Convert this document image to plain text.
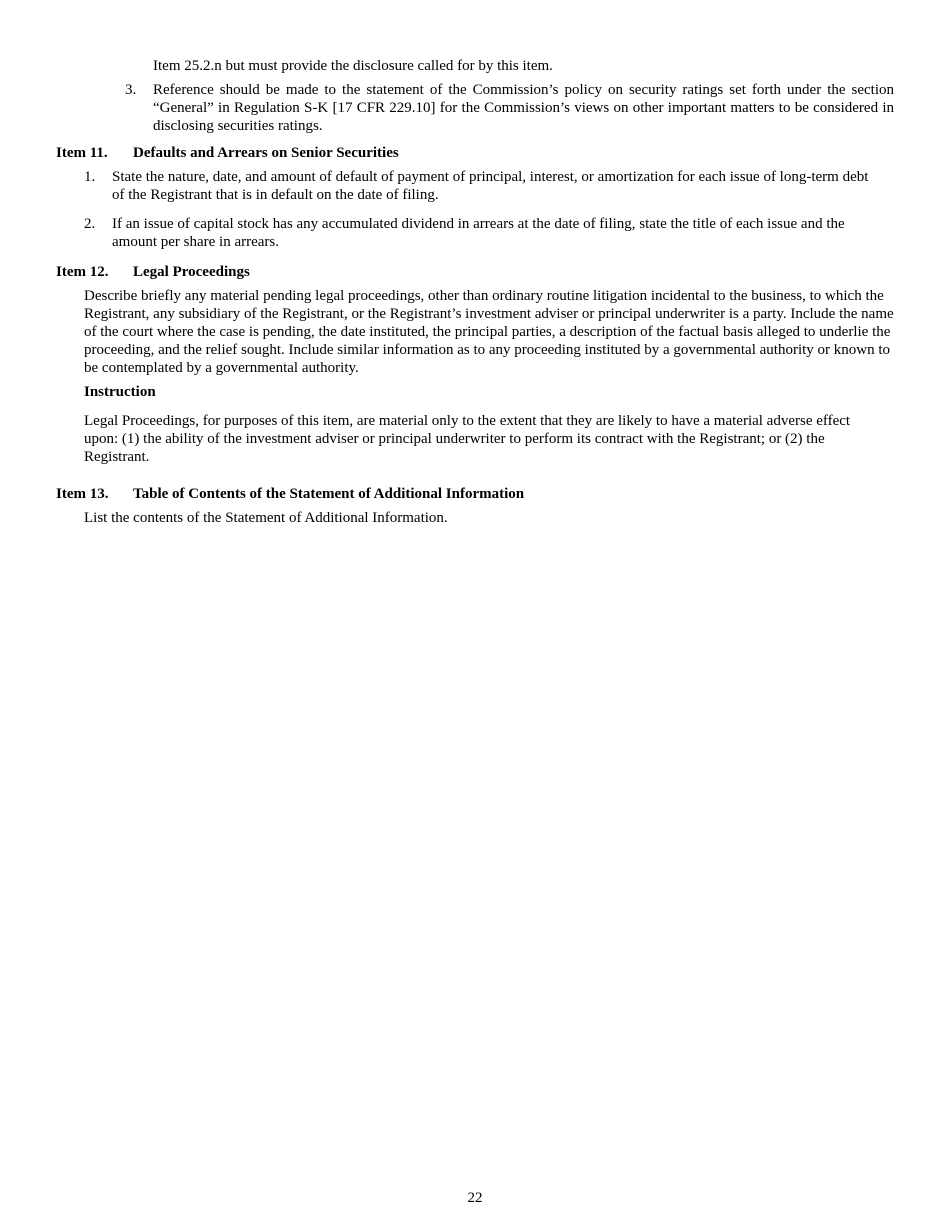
Item 25.2.n but must provide the disclosure called for by this item.
3.	Reference should be made to the statement of the Commission’s policy on security ratings set forth under the section “General” in Regulation S-K [17 CFR 229.10] for the Commission’s views on other important matters to be considered in disclosing securities ratings.
Item 11.	Defaults and Arrears on Senior Securities
1.	State the nature, date, and amount of default of payment of principal, interest, or amortization for each issue of long-term debt of the Registrant that is in default on the date of filing.
2.	If an issue of capital stock has any accumulated dividend in arrears at the date of filing, state the title of each issue and the amount per share in arrears.
Item 12.	Legal Proceedings
Describe briefly any material pending legal proceedings, other than ordinary routine litigation incidental to the business, to which the Registrant, any subsidiary of the Registrant, or the Registrant’s investment adviser or principal underwriter is a party. Include the name of the court where the case is pending, the date instituted, the principal parties, a description of the factual basis alleged to underlie the proceeding, and the relief sought. Include similar information as to any proceeding instituted by a governmental authority or known to be contemplated by a governmental authority.
Instruction
Legal Proceedings, for purposes of this item, are material only to the extent that they are likely to have a material adverse effect upon: (1) the ability of the investment adviser or principal underwriter to perform its contract with the Registrant; or (2) the Registrant.
Item 13.	Table of Contents of the Statement of Additional Information
List the contents of the Statement of Additional Information.
22
